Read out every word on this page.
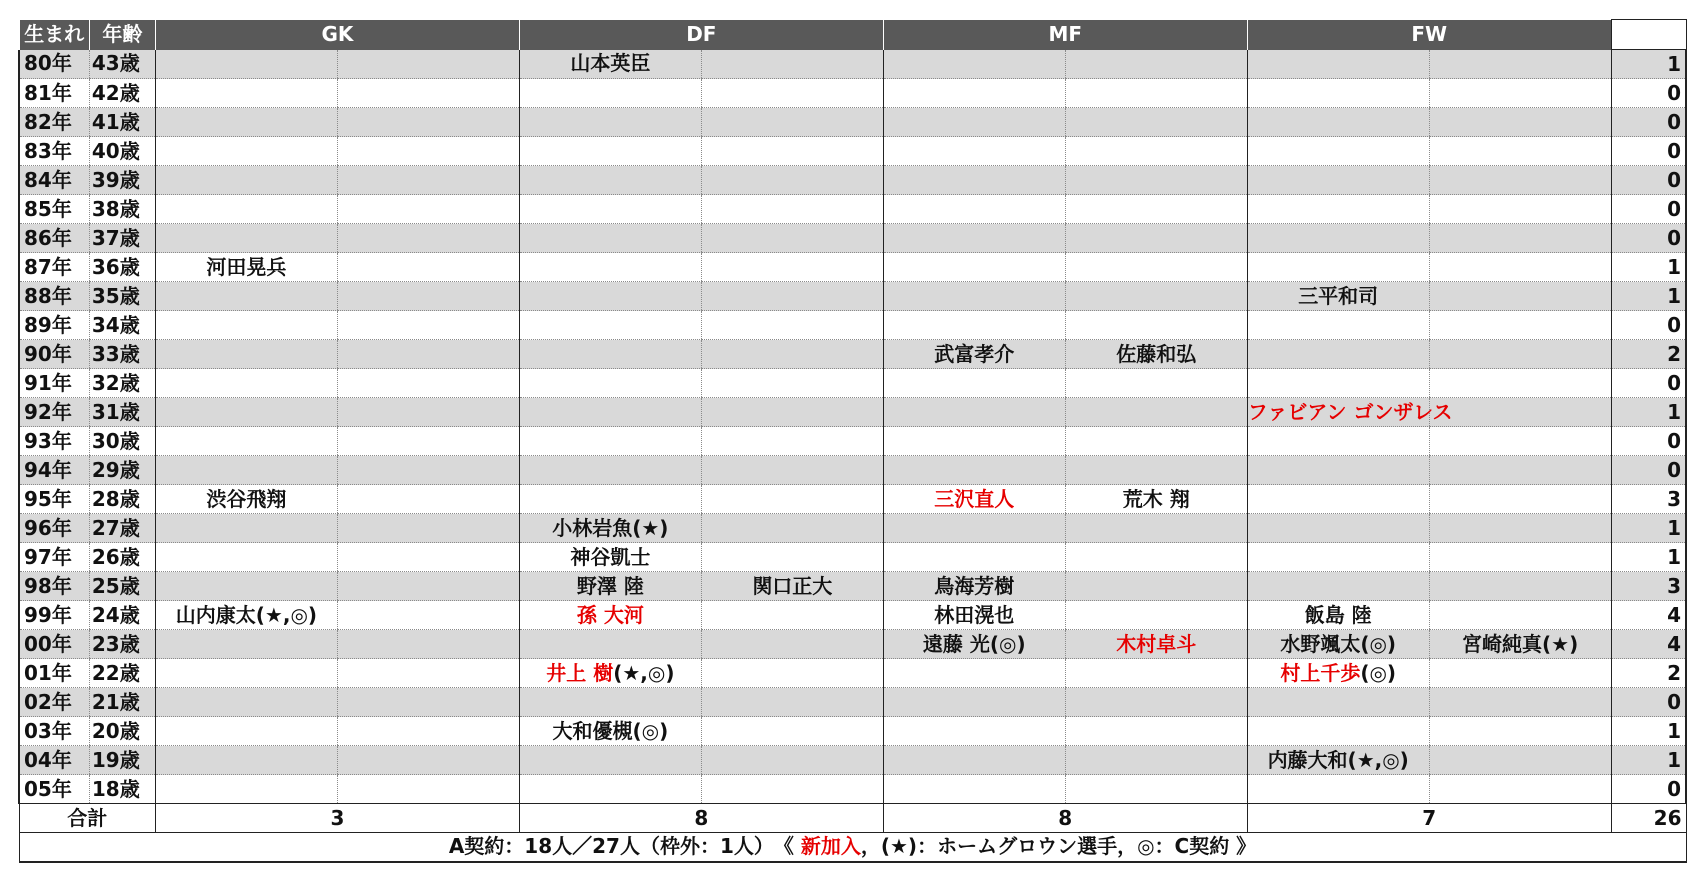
生まれ	年齢	GK		DF		MF		FW		
80年	43歳			山本英臣						1
81年	42歳									0
82年	41歳									0
83年	40歳									0
84年	39歳									0
85年	38歳									0
86年	37歳									0
87年	36歳	河田晃兵								1
88年	35歳							三平和司		1
89年	34歳									0
90年	33歳					武富孝介	佐藤和弘			2
91年	32歳									0
92年	31歳							ファビアン ゴンザレス		1
93年	30歳									0
94年	29歳									0
95年	28歳	渋谷飛翔				三沢直人	荒木 翔			3
96年	27歳			小林岩魚(★)						1
97年	26歳			神谷凱士						1
98年	25歳			野澤 陸	関口正大	鳥海芳樹				3
99年	24歳	山内康太(★,◎)		孫 大河		林田滉也		飯島 陸		4
00年	23歳					遠藤 光(◎)	木村卓斗	水野颯太(◎)	宮崎純真(★)	4
01年	22歳			井上 樹(★,◎)				村上千歩(◎)		2
02年	21歳									0
03年	20歳			大和優槻(◎)						1
04年	19歳							内藤大和(★,◎)		1
05年	18歳									0
合計		3		8		8		7		26
A契約：18人／27人（枠外：1人）　《 新加入，(★)：ホームグロウン選手，◎：C契約 》										
